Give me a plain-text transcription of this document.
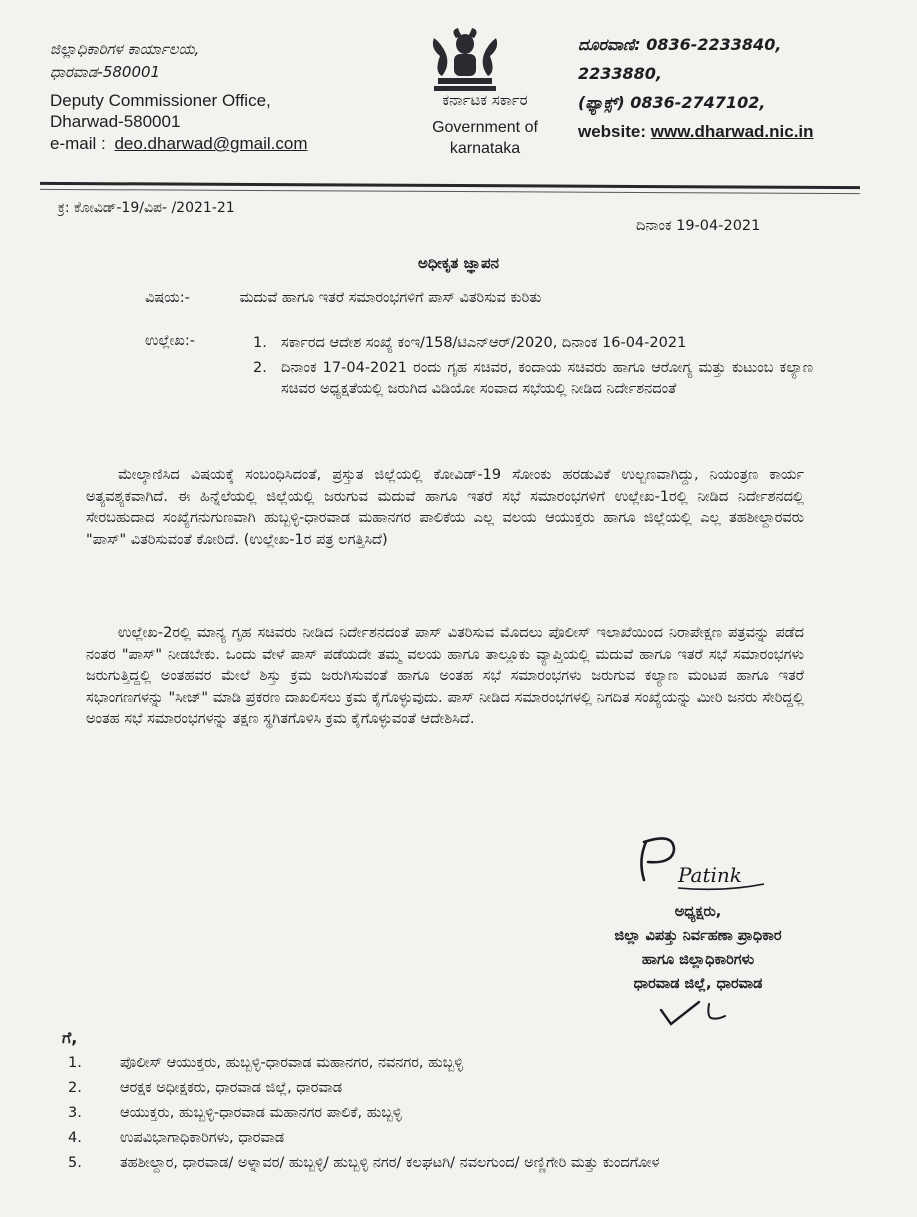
ಜಿಲ್ಲಾಧಿಕಾರಿಗಳ ಕಾರ್ಯಾಲಯ,
ಧಾರವಾಡ-580001
Deputy Commissioner Office,
Dharwad-580001
e-mail : deo.dharwad@gmail.com
ಕರ್ನಾಟಕ ಸರ್ಕಾರ
Government of
karnataka
ದೂರವಾಣಿ: 0836-2233840,
2233880,
(ಫ್ಯಾಕ್ಸ್) 0836-2747102,
website: www.dharwad.nic.in
ಕ್ರ: ಕೋವಿಡ್-19/ವಿಪ- /2021-21
ದಿನಾಂಕ 19-04-2021
ಅಧೀಕೃತ ಜ್ಞಾಪನ
ವಿಷಯ:-	ಮದುವೆ ಹಾಗೂ ಇತರೆ ಸಮಾರಂಭಗಳಿಗೆ ಪಾಸ್ ವಿತರಿಸುವ ಕುರಿತು
ಉಲ್ಲೇಖ:-	1. ಸರ್ಕಾರದ ಆದೇಶ ಸಂಖ್ಯೆ ಕಂಇ/158/ಟಿಎನ್‌ಆರ್/2020, ದಿನಾಂಕ 16-04-2021
2. ದಿನಾಂಕ 17-04-2021 ರಂದು ಗೃಹ ಸಚಿವರ, ಕಂದಾಯ ಸಚಿವರು ಹಾಗೂ ಆರೋಗ್ಯ ಮತ್ತು ಕುಟುಂಬ ಕಲ್ಯಾಣ ಸಚಿವರ ಅಧ್ಯಕ್ಷತೆಯಲ್ಲಿ ಜರುಗಿದ ವಿಡಿಯೋ ಸಂವಾದ ಸಭೆಯಲ್ಲಿ ನೀಡಿದ ನಿರ್ದೇಶನದಂತೆ
ಮೇಲ್ಕಾಣಿಸಿದ ವಿಷಯಕ್ಕೆ ಸಂಬಂಧಿಸಿದಂತೆ, ಪ್ರಸ್ತುತ ಜಿಲ್ಲೆಯಲ್ಲಿ ಕೋವಿಡ್-19 ಸೋಂಕು ಹರಡುವಿಕೆ ಉಲ್ಬಣವಾಗಿದ್ದು, ನಿಯಂತ್ರಣ ಕಾರ್ಯ ಅತ್ಯವಶ್ಯಕವಾಗಿದೆ. ಈ ಹಿನ್ನೆಲೆಯಲ್ಲಿ ಜಿಲ್ಲೆಯಲ್ಲಿ ಜರುಗುವ ಮದುವೆ ಹಾಗೂ ಇತರೆ ಸಭೆ ಸಮಾರಂಭಗಳಿಗೆ ಉಲ್ಲೇಖ-1ರಲ್ಲಿ ನೀಡಿದ ನಿರ್ದೇಶನದಲ್ಲಿ ಸೇರಬಹುದಾದ ಸಂಖ್ಯೆಗನುಗುಣವಾಗಿ ಹುಬ್ಬಳ್ಳಿ-ಧಾರವಾಡ ಮಹಾನಗರ ಪಾಲಿಕೆಯ ಎಲ್ಲ ವಲಯ ಆಯುಕ್ತರು ಹಾಗೂ ಜಿಲ್ಲೆಯಲ್ಲಿ ಎಲ್ಲ ತಹಶೀಲ್ದಾರವರು "ಪಾಸ್" ವಿತರಿಸುವಂತೆ ಕೋರಿದೆ. (ಉಲ್ಲೇಖ-1ರ ಪತ್ರ ಲಗತ್ತಿಸಿದೆ)
ಉಲ್ಲೇಖ-2ರಲ್ಲಿ ಮಾನ್ಯ ಗೃಹ ಸಚಿವರು ನೀಡಿದ ನಿರ್ದೇಶನದಂತೆ ಪಾಸ್ ವಿತರಿಸುವ ಮೊದಲು ಪೊಲೀಸ್ ಇಲಾಖೆಯಿಂದ ನಿರಾಪೇಕ್ಷಣ ಪತ್ರವನ್ನು ಪಡೆದ ನಂತರ "ಪಾಸ್" ನೀಡಬೇಕು. ಒಂದು ವೇಳೆ ಪಾಸ್ ಪಡೆಯದೇ ತಮ್ಮ ವಲಯ ಹಾಗೂ ತಾಲ್ಲೂಕು ವ್ಯಾಪ್ತಿಯಲ್ಲಿ ಮದುವೆ ಹಾಗೂ ಇತರೆ ಸಭೆ ಸಮಾರಂಭಗಳು ಜರುಗುತ್ತಿದ್ದಲ್ಲಿ ಅಂತಹವರ ಮೇಲೆ ಶಿಸ್ತು ಕ್ರಮ ಜರುಗಿಸುವಂತೆ ಹಾಗೂ ಅಂತಹ ಸಭೆ ಸಮಾರಂಭಗಳು ಜರುಗುವ ಕಲ್ಯಾಣ ಮಂಟಪ ಹಾಗೂ ಇತರೆ ಸಭಾಂಗಣಗಳನ್ನು "ಸೀಜ್" ಮಾಡಿ ಪ್ರಕರಣ ದಾಖಲಿಸಲು ಕ್ರಮ ಕೈಗೊಳ್ಳುವುದು. ಪಾಸ್ ನೀಡಿದ ಸಮಾರಂಭಗಳಲ್ಲಿ ನಿಗದಿತ ಸಂಖ್ಯೆಯನ್ನು ಮೀರಿ ಜನರು ಸೇರಿದ್ದಲ್ಲಿ ಅಂತಹ ಸಭೆ ಸಮಾರಂಭಗಳನ್ನು ತಕ್ಷಣ ಸ್ಥಗಿತಗೊಳಿಸಿ ಕ್ರಮ ಕೈಗೊಳ್ಳುವಂತೆ ಆದೇಶಿಸಿದೆ.
Patink
ಅಧ್ಯಕ್ಷರು,
ಜಿಲ್ಲಾ ವಿಪತ್ತು ನಿರ್ವಹಣಾ ಪ್ರಾಧಿಕಾರ
ಹಾಗೂ ಜಿಲ್ಲಾಧಿಕಾರಿಗಳು
ಧಾರವಾಡ ಜಿಲ್ಲೆ, ಧಾರವಾಡ
ಗೆ,
1.	ಪೊಲೀಸ್ ಆಯುಕ್ತರು, ಹುಬ್ಬಳ್ಳಿ-ಧಾರವಾಡ ಮಹಾನಗರ, ನವನಗರ, ಹುಬ್ಬಳ್ಳಿ
2.	ಆರಕ್ಷಕ ಅಧೀಕ್ಷಕರು, ಧಾರವಾಡ ಜಿಲ್ಲೆ, ಧಾರವಾಡ
3.	ಆಯುಕ್ತರು, ಹುಬ್ಬಳ್ಳಿ-ಧಾರವಾಡ ಮಹಾನಗರ ಪಾಲಿಕೆ, ಹುಬ್ಬಳ್ಳಿ
4.	ಉಪವಿಭಾಗಾಧಿಕಾರಿಗಳು, ಧಾರವಾಡ
5.	ತಹಶೀಲ್ದಾರ, ಧಾರವಾಡ/ ಅಳ್ನಾವರ/ ಹುಬ್ಬಳ್ಳಿ/ ಹುಬ್ಬಳ್ಳಿ ನಗರ/ ಕಲಘಟಗಿ/ ನವಲಗುಂದ/ ಅಣ್ಣಿಗೇರಿ ಮತ್ತು ಕುಂದಗೋಳ
